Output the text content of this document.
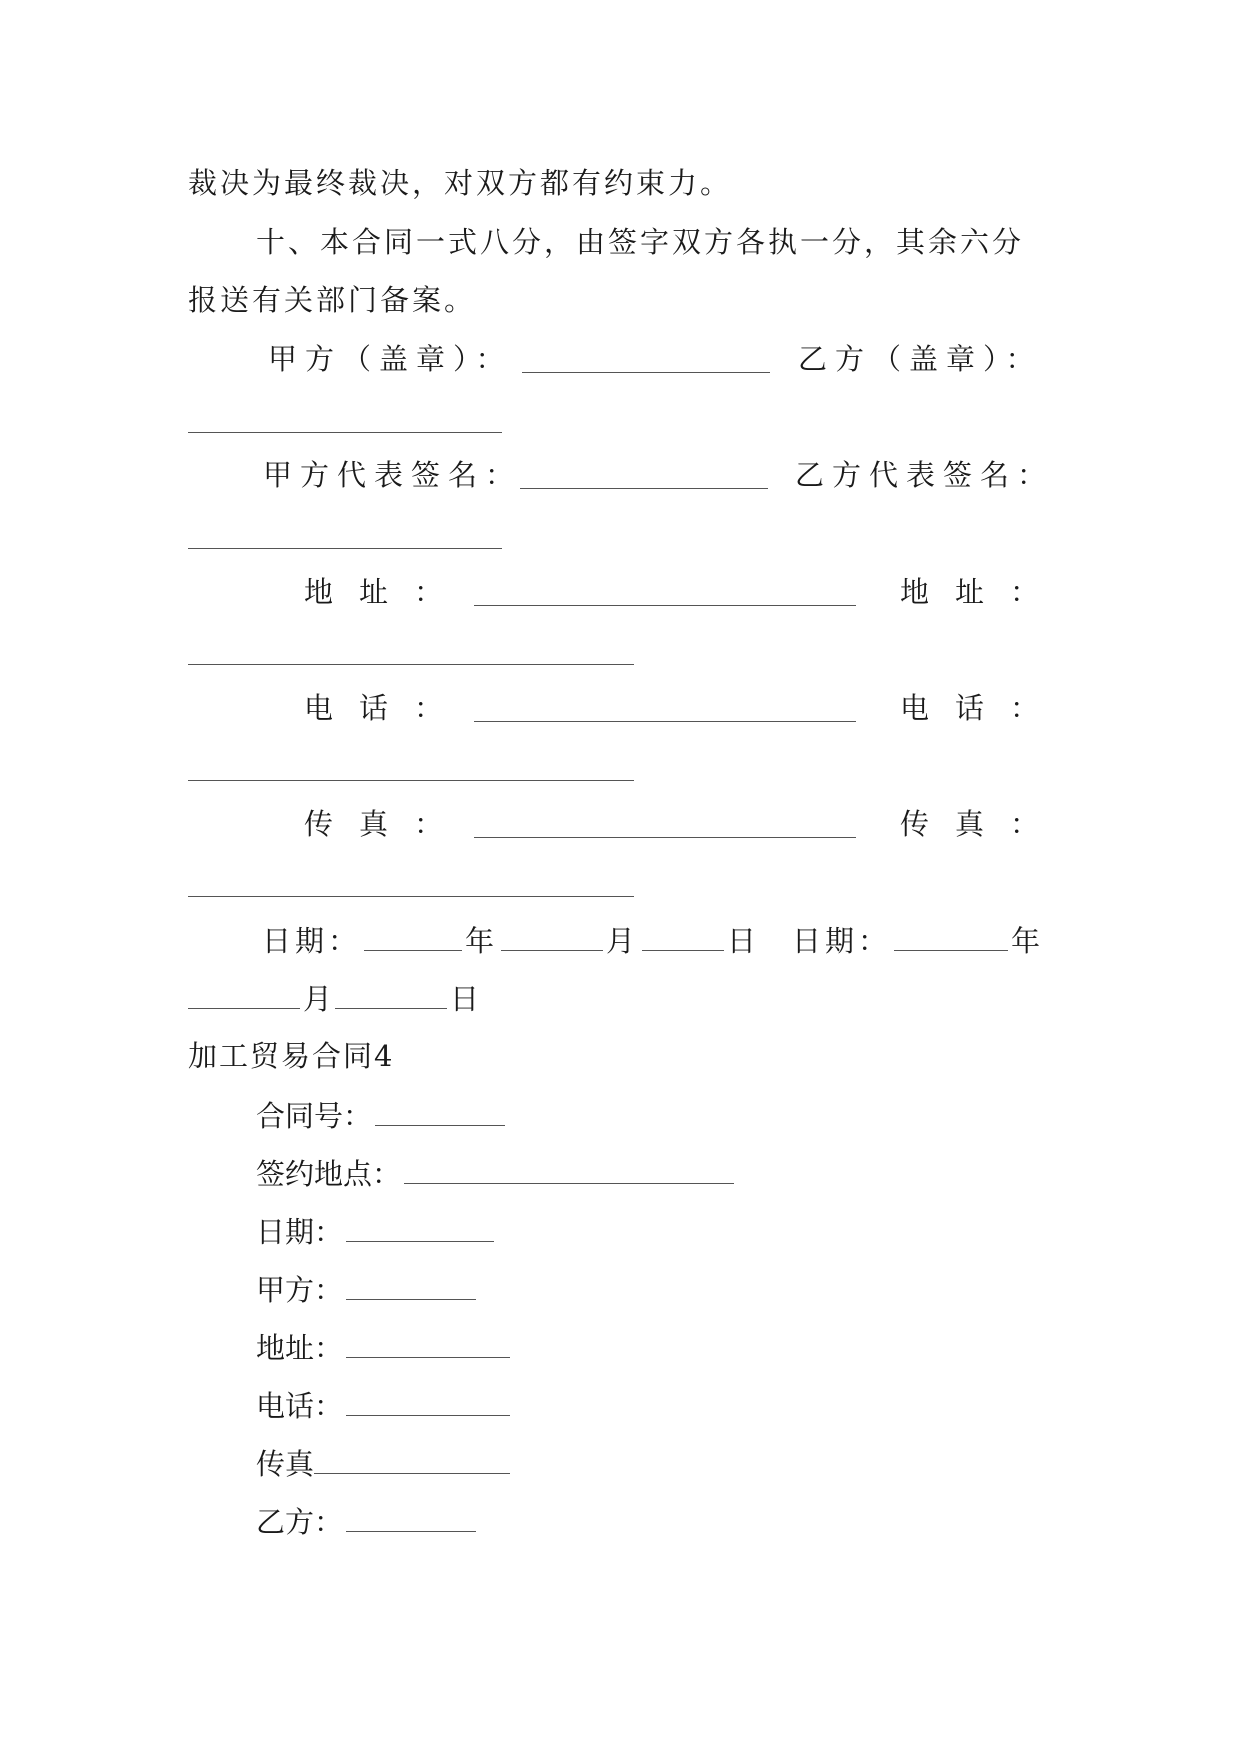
裁决为最终裁决，对双方都有约束力。
十、本合同一式八分，由签字双方各执一分，其余六分
报送有关部门备案。
甲方（盖章）：	乙方（盖章）：
甲方代表签名：	乙方代表签名：
地址：	地址：
电话：	电话：
传真：	传真：
日期：	年	月	日 日期：	年
月	日
加工贸易合同4
合同号：
签约地点：
日期：
甲方：
地址：
电话：
传真
乙方：
